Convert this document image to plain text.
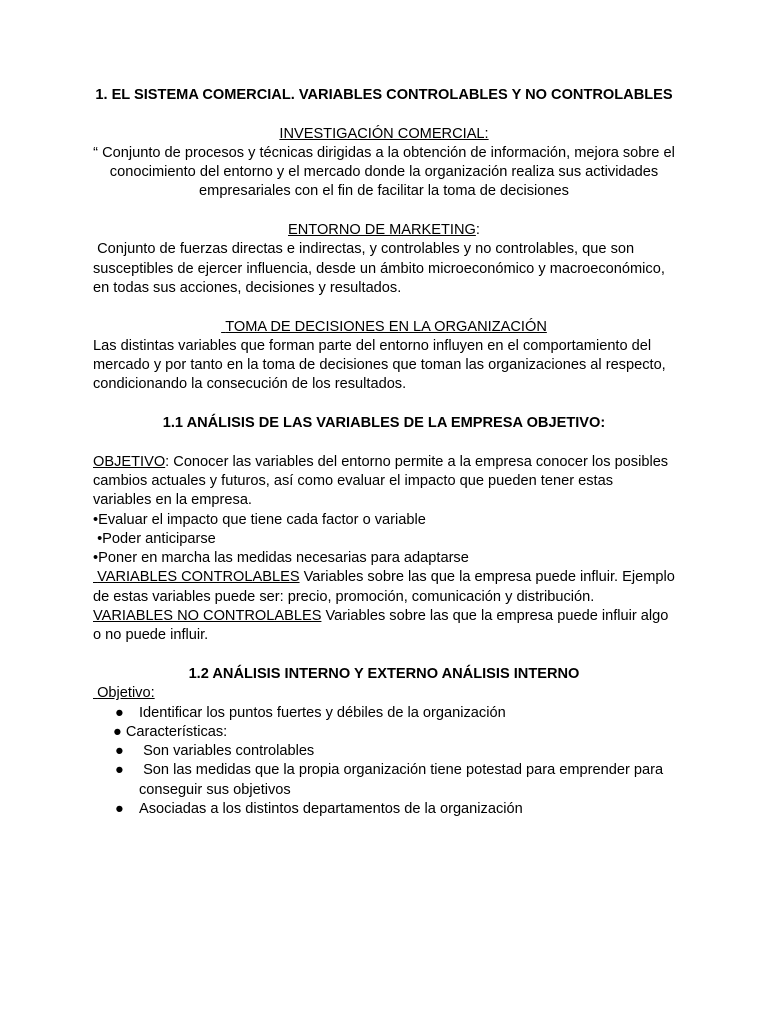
1. EL SISTEMA COMERCIAL. VARIABLES CONTROLABLES Y NO CONTROLABLES

INVESTIGACIÓN COMERCIAL:

“ Conjunto de procesos y técnicas dirigidas a la obtención de información, mejora sobre el conocimiento del entorno y el mercado donde la organización realiza sus actividades empresariales con el fin de facilitar la toma de decisiones

ENTORNO DE MARKETING:

Conjunto de fuerzas directas e indirectas, y controlables y no controlables, que son susceptibles de ejercer influencia, desde un ámbito microeconómico y macroeconómico, en todas sus acciones, decisiones y resultados.

TOMA DE DECISIONES EN LA ORGANIZACIÓN

Las distintas variables que forman parte del entorno influyen en el comportamiento del mercado y por tanto en la toma de decisiones que toman las organizaciones al respecto, condicionando la consecución de los resultados.

1.1 ANÁLISIS DE LAS VARIABLES DE LA EMPRESA OBJETIVO:

OBJETIVO: Conocer las variables del entorno permite a la empresa conocer los posibles cambios actuales y futuros, así como evaluar el impacto que pueden tener estas variables en la empresa.

•Evaluar el impacto que tiene cada factor o variable

•Poder anticiparse

•Poner en marcha las medidas necesarias para adaptarse

VARIABLES CONTROLABLES Variables sobre las que la empresa puede influir. Ejemplo de estas variables puede ser: precio, promoción, comunicación y distribución.

VARIABLES NO CONTROLABLES Variables sobre las que la empresa puede influir algo o no puede influir.

1.2 ANÁLISIS INTERNO Y EXTERNO ANÁLISIS INTERNO

Objetivo:

● Identificar los puntos fuertes y débiles de la organización
● Características:
● Son variables controlables
● Son las medidas que la propia organización tiene potestad para emprender para conseguir sus objetivos
● Asociadas a los distintos departamentos de la organización
